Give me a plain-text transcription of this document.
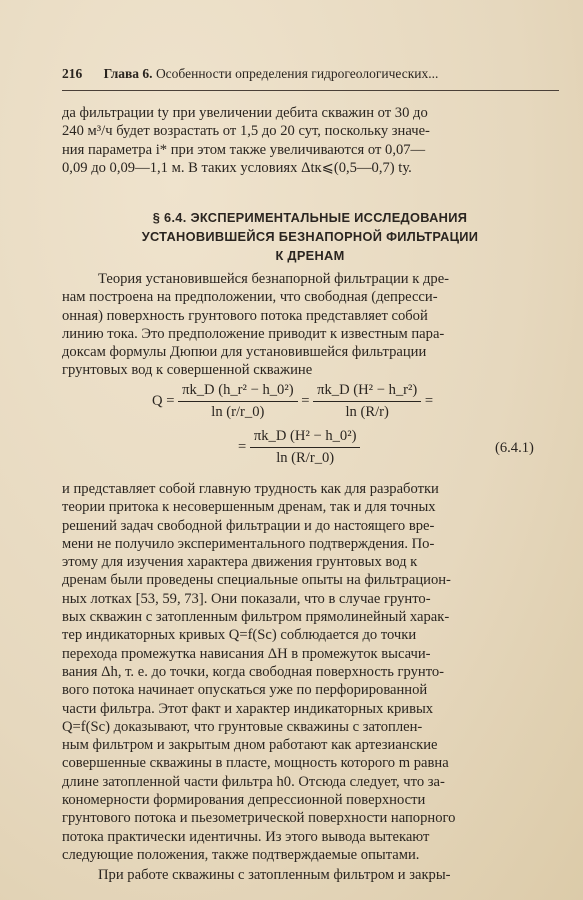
216 Глава 6. Особенности определения гидрогеологических...
да фильтрации tу при увеличении дебита скважин от 30 до
240 м³/ч будет возрастать от 1,5 до 20 сут, поскольку значе-
ния параметра i* при этом также увеличиваются от 0,07—
0,09 до 0,09—1,1 м. В таких условиях Δtк⩽(0,5—0,7) tу.
§ 6.4. ЭКСПЕРИМЕНТАЛЬНЫЕ ИССЛЕДОВАНИЯ
УСТАНОВИВШЕЙСЯ БЕЗНАПОРНОЙ ФИЛЬТРАЦИИ
К ДРЕНАМ
Теория установившейся безнапорной фильтрации к дре-
нам построена на предположении, что свободная (депресси-
онная) поверхность грунтового потока представляет собой
линию тока. Это предположение приводит к известным пара-
доксам формулы Дюпюи для установившейся фильтрации
грунтовых вод к совершенной скважине
$Q = \frac{\text{πk\_D (h\_r² − h\_0²)}}{\ln (r/r\_0)} = \frac{\text{πk\_D (H² − h\_r²)}}{\ln (R/r)}$ =
= $\frac{\text{πk\_D (H² − h\_0²)}}{\ln (R/r\_0)}$	(6.4.1)
и представляет собой главную трудность как для разработки
теории притока к несовершенным дренам, так и для точных
решений задач свободной фильтрации и до настоящего вре-
мени не получило экспериментального подтверждения. По-
этому для изучения характера движения грунтовых вод к
дренам были проведены специальные опыты на фильтрацион-
ных лотках [53, 59, 73]. Они показали, что в случае грунто-
вых скважин с затопленным фильтром прямолинейный харак-
тер индикаторных кривых Q=f(Sс) соблюдается до точки
перехода промежутка нависания ΔH в промежуток высачи-
вания Δh, т. е. до точки, когда свободная поверхность грунто-
вого потока начинает опускаться уже по перфорированной
части фильтра. Этот факт и характер индикаторных кривых
Q=f(Sс) доказывают, что грунтовые скважины с затоплен-
ным фильтром и закрытым дном работают как артезианские
совершенные скважины в пласте, мощность которого m равна
длине затопленной части фильтра h0. Отсюда следует, что за-
кономерности формирования депрессионной поверхности
грунтового потока и пьезометрической поверхности напорного
потока практически идентичны. Из этого вывода вытекают
следующие положения, также подтверждаемые опытами.
При работе скважины с затопленным фильтром и закры-
